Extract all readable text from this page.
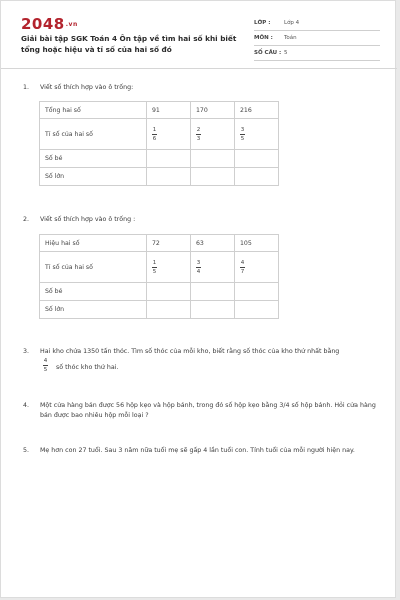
2048.vn
Giải bài tập SGK Toán 4 Ôn tập về tìm hai số khi biết tổng hoặc hiệu và tỉ số của hai số đó
LỚP : Lớp 4
MÔN : Toán
SỐ CÂU : 5
1. Viết số thích hợp vào ô trống:
Tổng hai số	91	170	216
Tỉ số của hai số	$\frac{1}{6}$	$\frac{2}{3}$	$\frac{3}{5}$

Số bé			
Số lớn			
2. Viết số thích hợp vào ô trống :
Hiệu hai số	72	63	105
Tỉ số của hai số	$\frac{1}{5}$	$\frac{3}{4}$	$\frac{4}{7}$

Số bé			
Số lớn			
3. Hai kho chứa 1350 tấn thóc. Tìm số thóc của mỗi kho, biết rằng số thóc của kho thứ nhất bằng
4
5 số thóc kho thứ hai.
4. Một cửa hàng bán được 56 hộp kẹo và hộp bánh, trong đó số hộp kẹo bằng 3/4 số hộp bánh. Hỏi cửa hàng bán được bao nhiêu hộp mỗi loại ?
5. Mẹ hơn con 27 tuổi. Sau 3 năm nữa tuổi mẹ sẽ gấp 4 lần tuổi con. Tính tuổi của mỗi người hiện nay.
